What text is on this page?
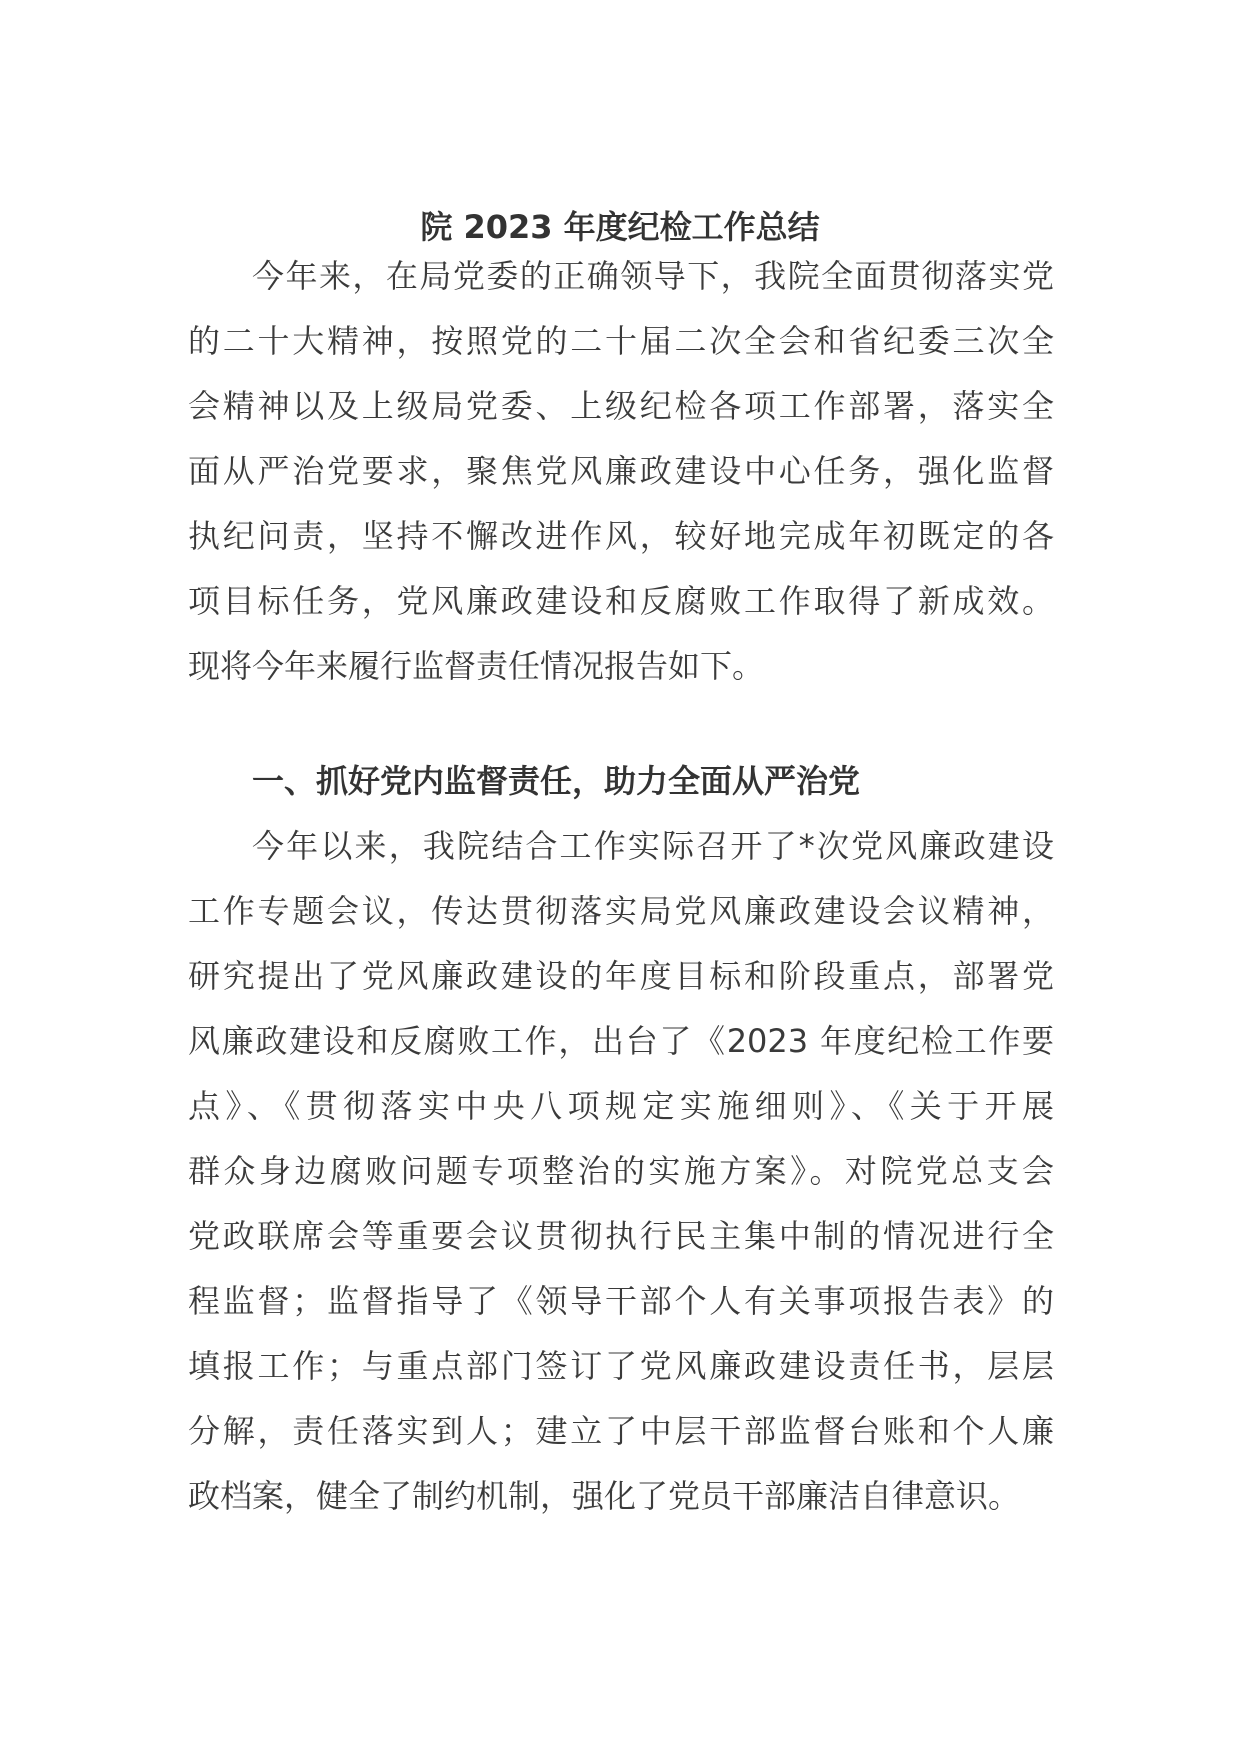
院 2023 年度纪检工作总结

今年来，在局党委的正确领导下，我院全面贯彻落实党
的二十大精神，按照党的二十届二次全会和省纪委三次全
会精神以及上级局党委、上级纪检各项工作部署，落实全
面从严治党要求，聚焦党风廉政建设中心任务，强化监督
执纪问责，坚持不懈改进作风，较好地完成年初既定的各
项目标任务，党风廉政建设和反腐败工作取得了新成效。
现将今年来履行监督责任情况报告如下。

一、抓好党内监督责任，助力全面从严治党

今年以来，我院结合工作实际召开了*次党风廉政建设
工作专题会议，传达贯彻落实局党风廉政建设会议精神，
研究提出了党风廉政建设的年度目标和阶段重点，部署党
风廉政建设和反腐败工作，出台了《2023 年度纪检工作要
点》、《贯彻落实中央八项规定实施细则》、《关于开展
群众身边腐败问题专项整治的实施方案》。对院党总支会
党政联席会等重要会议贯彻执行民主集中制的情况进行全
程监督；监督指导了《领导干部个人有关事项报告表》的
填报工作；与重点部门签订了党风廉政建设责任书，层层
分解，责任落实到人；建立了中层干部监督台账和个人廉
政档案，健全了制约机制，强化了党员干部廉洁自律意识。
